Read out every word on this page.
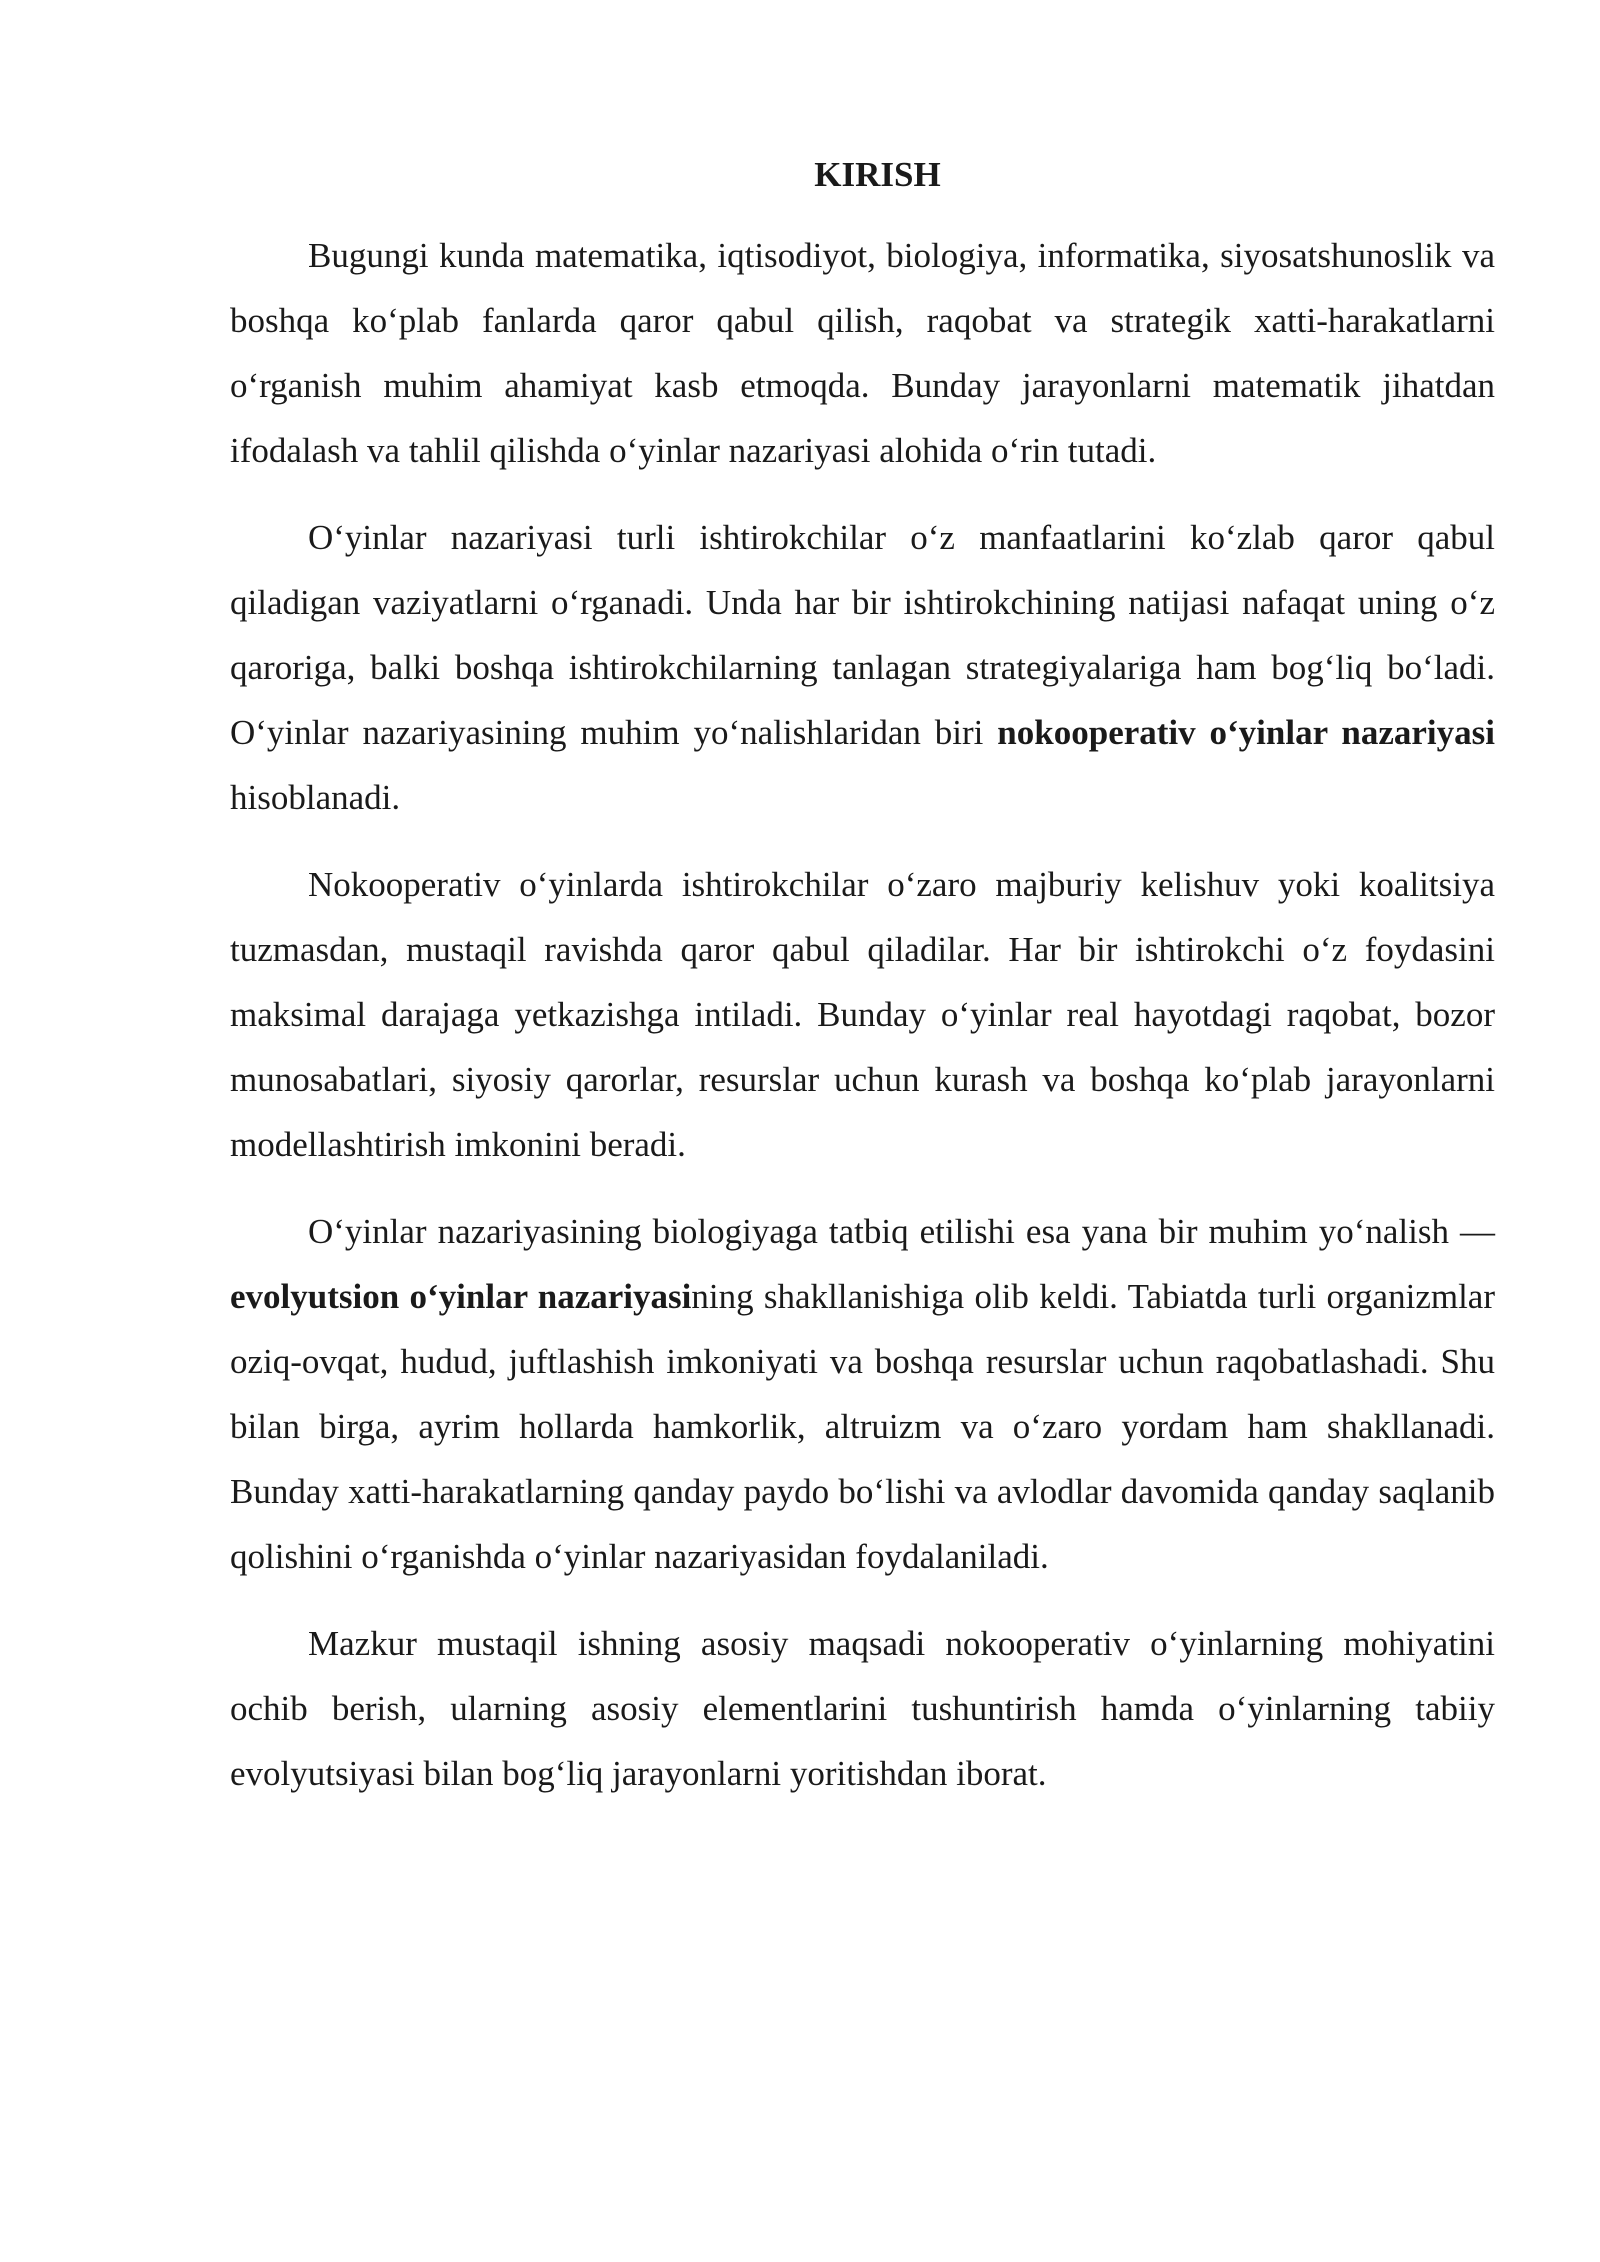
KIRISH

Bugungi kunda matematika, iqtisodiyot, biologiya, informatika, siyosatshunoslik va boshqa ko‘plab fanlarda qaror qabul qilish, raqobat va strategik xatti-harakatlarni o‘rganish muhim ahamiyat kasb etmoqda. Bunday jarayonlarni matematik jihatdan ifodalash va tahlil qilishda o‘yinlar nazariyasi alohida o‘rin tutadi.

O‘yinlar nazariyasi turli ishtirokchilar o‘z manfaatlarini ko‘zlab qaror qabul qiladigan vaziyatlarni o‘rganadi. Unda har bir ishtirokchining natijasi nafaqat uning o‘z qaroriga, balki boshqa ishtirokchilarning tanlagan strategiyalariga ham bog‘liq bo‘ladi. O‘yinlar nazariyasining muhim yo‘nalishlaridan biri nokooperativ o‘yinlar nazariyasi hisoblanadi.

Nokooperativ o‘yinlarda ishtirokchilar o‘zaro majburiy kelishuv yoki koalitsiya tuzmasdan, mustaqil ravishda qaror qabul qiladilar. Har bir ishtirokchi o‘z foydasini maksimal darajaga yetkazishga intiladi. Bunday o‘yinlar real hayotdagi raqobat, bozor munosabatlari, siyosiy qarorlar, resurslar uchun kurash va boshqa ko‘plab jarayonlarni modellashtirish imkonini beradi.

O‘yinlar nazariyasining biologiyaga tatbiq etilishi esa yana bir muhim yo‘nalish — evolyutsion o‘yinlar nazariyasining shakllanishiga olib keldi. Tabiatda turli organizmlar oziq-ovqat, hudud, juftlashish imkoniyati va boshqa resurslar uchun raqobatlashadi. Shu bilan birga, ayrim hollarda hamkorlik, altruizm va o‘zaro yordam ham shakllanadi. Bunday xatti-harakatlarning qanday paydo bo‘lishi va avlodlar davomida qanday saqlanib qolishini o‘rganishda o‘yinlar nazariyasidan foydalaniladi.

Mazkur mustaqil ishning asosiy maqsadi nokooperativ o‘yinlarning mohiyatini ochib berish, ularning asosiy elementlarini tushuntirish hamda o‘yinlarning tabiiy evolyutsiyasi bilan bog‘liq jarayonlarni yoritishdan iborat.
